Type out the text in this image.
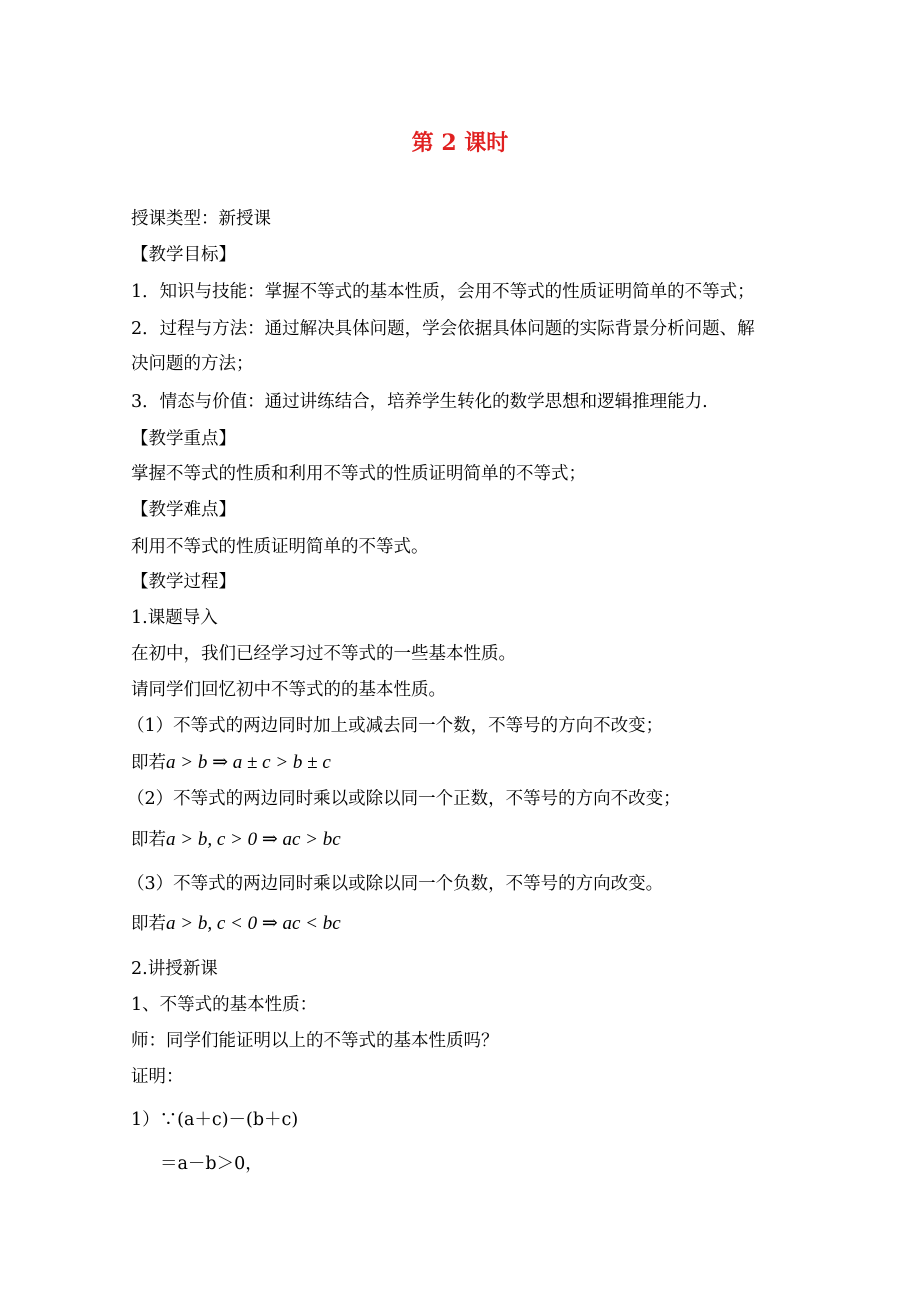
第 2 课时
授课类型：新授课
【教学目标】
1．知识与技能：掌握不等式的基本性质，会用不等式的性质证明简单的不等式；
2．过程与方法：通过解决具体问题，学会依据具体问题的实际背景分析问题、解
决问题的方法；
3．情态与价值：通过讲练结合，培养学生转化的数学思想和逻辑推理能力.
【教学重点】
掌握不等式的性质和利用不等式的性质证明简单的不等式；
【教学难点】
利用不等式的性质证明简单的不等式。
【教学过程】
1.课题导入
在初中，我们已经学习过不等式的一些基本性质。
请同学们回忆初中不等式的的基本性质。
（1）不等式的两边同时加上或减去同一个数，不等号的方向不改变；
即若a > b ⇒ a ± c > b ± c
（2）不等式的两边同时乘以或除以同一个正数，不等号的方向不改变；
即若a > b, c > 0 ⇒ ac > bc
（3）不等式的两边同时乘以或除以同一个负数，不等号的方向改变。
即若a > b, c < 0 ⇒ ac < bc
2.讲授新课
1、不等式的基本性质：
师：同学们能证明以上的不等式的基本性质吗？
证明：
1）∵(a＋c)－(b＋c)
＝a－b＞0，
